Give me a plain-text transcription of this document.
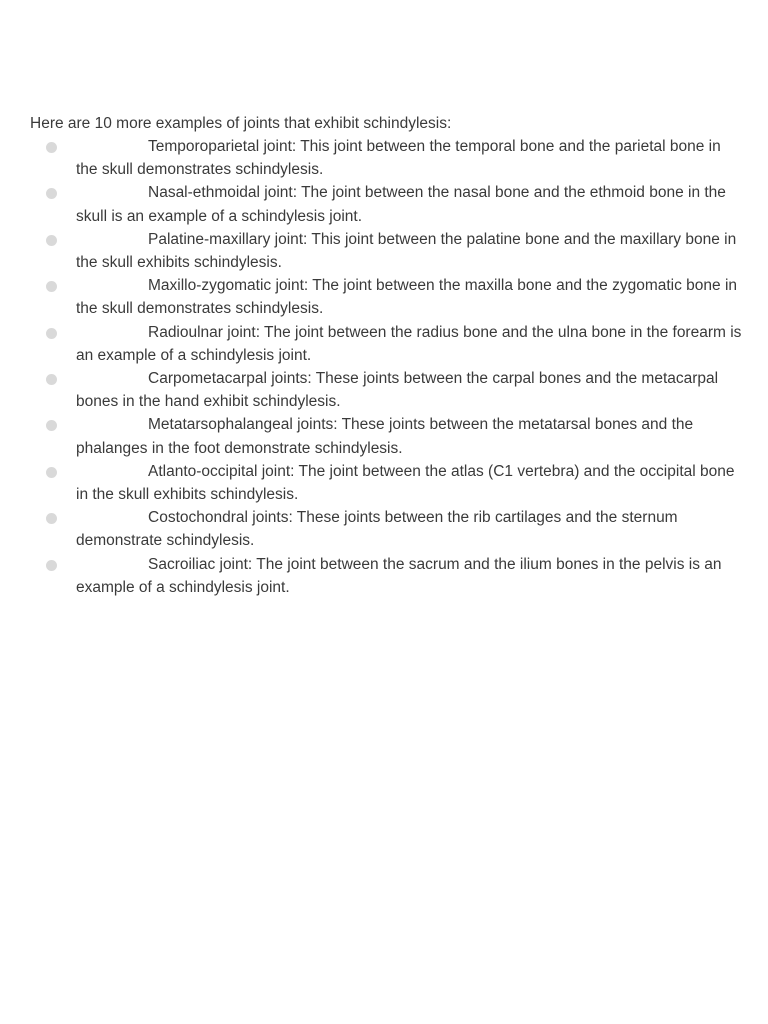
Here are 10 more examples of joints that exhibit schindylesis:

Temporoparietal joint: This joint between the temporal bone and the parietal bone in the skull demonstrates schindylesis.
Nasal-ethmoidal joint: The joint between the nasal bone and the ethmoid bone in the skull is an example of a schindylesis joint.
Palatine-maxillary joint: This joint between the palatine bone and the maxillary bone in the skull exhibits schindylesis.
Maxillo-zygomatic joint: The joint between the maxilla bone and the zygomatic bone in the skull demonstrates schindylesis.
Radioulnar joint: The joint between the radius bone and the ulna bone in the forearm is an example of a schindylesis joint.
Carpometacarpal joints: These joints between the carpal bones and the metacarpal bones in the hand exhibit schindylesis.
Metatarsophalangeal joints: These joints between the metatarsal bones and the phalanges in the foot demonstrate schindylesis.
Atlanto-occipital joint: The joint between the atlas (C1 vertebra) and the occipital bone in the skull exhibits schindylesis.
Costochondral joints: These joints between the rib cartilages and the sternum demonstrate schindylesis.
Sacroiliac joint: The joint between the sacrum and the ilium bones in the pelvis is an example of a schindylesis joint.
